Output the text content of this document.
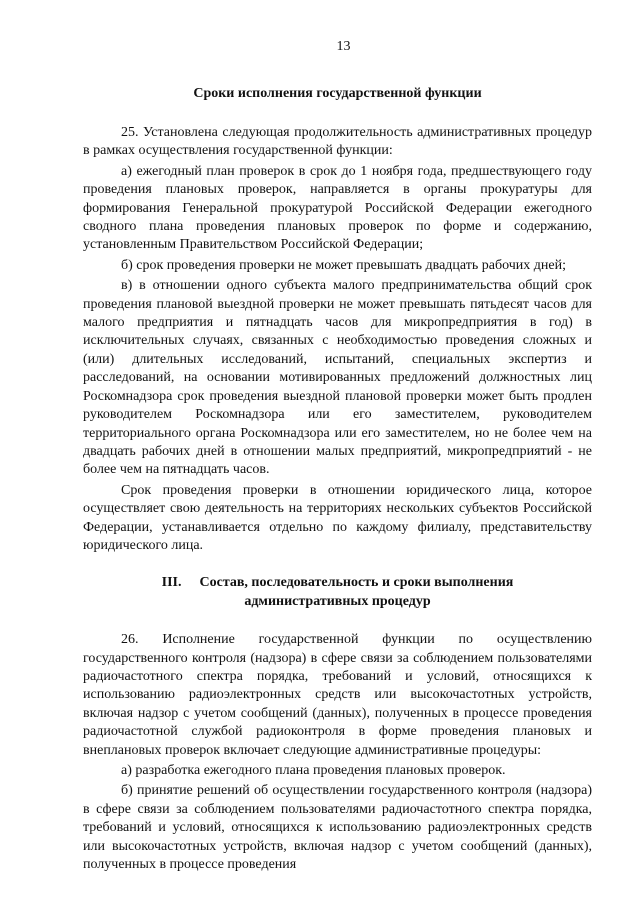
13
Сроки исполнения государственной функции

25. Установлена следующая продолжительность административных процедур в рамках осуществления государственной функции:

а) ежегодный план проверок в срок до 1 ноября года, предшествующего году проведения плановых проверок, направляется в органы прокуратуры для формирования Генеральной прокуратурой Российской Федерации ежегодного сводного плана проведения плановых проверок по форме и содержанию, установленным Правительством Российской Федерации;

б) срок проведения проверки не может превышать двадцать рабочих дней;

в) в отношении одного субъекта малого предпринимательства общий срок проведения плановой выездной проверки не может превышать пятьдесят часов для малого предприятия и пятнадцать часов для микропредприятия в год) в исключительных случаях, связанных с необходимостью проведения сложных и (или) длительных исследований, испытаний, специальных экспертиз и расследований, на основании мотивированных предложений должностных лиц Роскомнадзора срок проведения выездной плановой проверки может быть продлен руководителем Роскомнадзора или его заместителем, руководителем территориального органа Роскомнадзора или его заместителем, но не более чем на двадцать рабочих дней в отношении малых предприятий, микропредприятий - не более чем на пятнадцать часов.

Срок проведения проверки в отношении юридического лица, которое осуществляет свою деятельность на территориях нескольких субъектов Российской Федерации, устанавливается отдельно по каждому филиалу, представительству юридического лица.

III. Состав, последовательность и сроки выполнения
административных процедур

26. Исполнение государственной функции по осуществлению государственного контроля (надзора) в сфере связи за соблюдением пользователями радиочастотного спектра порядка, требований и условий, относящихся к использованию радиоэлектронных средств или высокочастотных устройств, включая надзор с учетом сообщений (данных), полученных в процессе проведения радиочастотной службой радиоконтроля в форме проведения плановых и внеплановых проверок включает следующие административные процедуры:

а) разработка ежегодного плана проведения плановых проверок.

б) принятие решений об осуществлении государственного контроля (надзора) в сфере связи за соблюдением пользователями радиочастотного спектра порядка, требований и условий, относящихся к использованию радиоэлектронных средств или высокочастотных устройств, включая надзор с учетом сообщений (данных), полученных в процессе проведения
